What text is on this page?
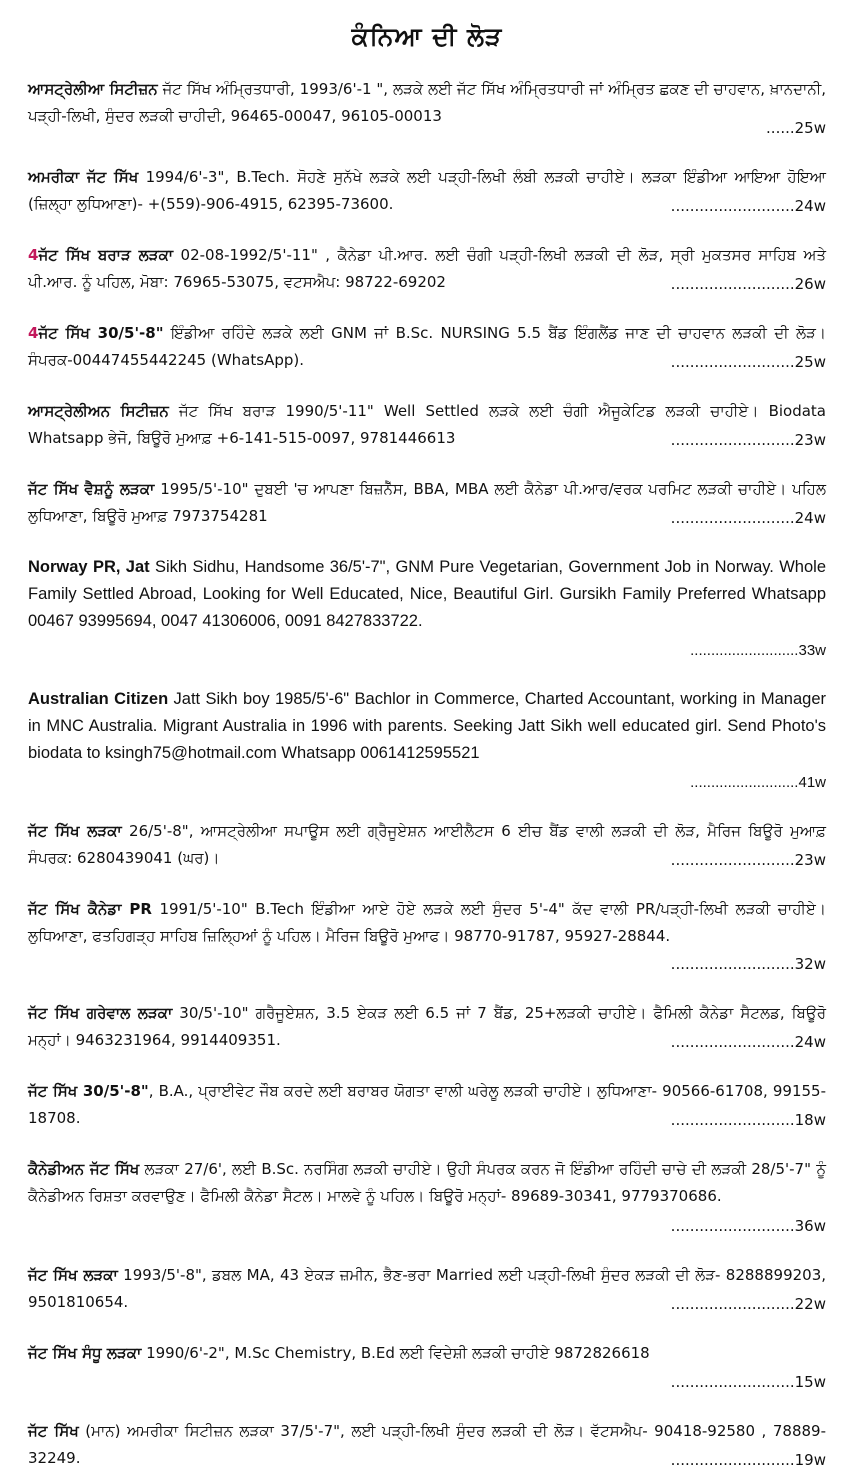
ਕੰਨਿਆ ਦੀ ਲੋੜ
ਆਸਟ੍ਰੇਲੀਆ ਸਿਟੀਜ਼ਨ ਜੱਟ ਸਿੱਖ ਅੰਮ੍ਰਿਤਧਾਰੀ, 1993/6'-1 ", ਲੜਕੇ ਲਈ ਜੱਟ ਸਿੱਖ ਅੰਮ੍ਰਿਤਧਾਰੀ ਜਾਂ ਅੰਮ੍ਰਿਤ ਛਕਣ ਦੀ ਚਾਹਵਾਨ, ਖ਼ਾਨਦਾਨੀ, ਪੜ੍ਹੀ-ਲਿਖੀ, ਸੁੰਦਰ ਲੜਕੀ ਚਾਹੀਦੀ, 96465-00047, 96105-00013
......25w
ਅਮਰੀਕਾ ਜੱਟ ਸਿੱਖ 1994/6'-3", B.Tech. ਸੋਹਣੇ ਸੁਨੱਖੇ ਲੜਕੇ ਲਈ ਪੜ੍ਹੀ-ਲਿਖੀ ਲੰਬੀ ਲੜਕੀ ਚਾਹੀਏ। ਲੜਕਾ ਇੰਡੀਆ ਆਇਆ ਹੋਇਆ (ਜ਼ਿਲ੍ਹਾ ਲੁਧਿਆਣਾ)- +(559)-906-4915, 62395-73600.	..........................24w
4ਜੱਟ ਸਿੱਖ ਬਰਾੜ ਲੜਕਾ 02-08-1992/5'-11" , ਕੈਨੇਡਾ ਪੀ.ਆਰ. ਲਈ ਚੰਗੀ ਪੜ੍ਹੀ-ਲਿਖੀ ਲੜਕੀ ਦੀ ਲੋੜ, ਸ੍ਰੀ ਮੁਕਤਸਰ ਸਾਹਿਬ ਅਤੇ ਪੀ.ਆਰ. ਨੂੰ ਪਹਿਲ, ਮੋਬਾ: 76965-53075, ਵਟਸਐਪ: 98722-69202	..........................26w
4ਜੱਟ ਸਿੱਖ 30/5'-8" ਇੰਡੀਆ ਰਹਿੰਦੇ ਲੜਕੇ ਲਈ GNM ਜਾਂ B.Sc. NURSING 5.5 ਬੈਂਡ ਇੰਗਲੈਂਡ ਜਾਣ ਦੀ ਚਾਹਵਾਨ ਲੜਕੀ ਦੀ ਲੋੜ। ਸੰਪਰਕ-00447455442245 (WhatsApp).	..........................25w
ਆਸਟ੍ਰੇਲੀਅਨ ਸਿਟੀਜ਼ਨ ਜੱਟ ਸਿੱਖ ਬਰਾੜ 1990/5'-11" Well Settled ਲੜਕੇ ਲਈ ਚੰਗੀ ਐਜੂਕੇਟਿਡ ਲੜਕੀ ਚਾਹੀਏ। Biodata Whatsapp ਭੇਜੋ, ਬਿਊਰੋ ਮੁਆਫ਼ +6-141-515-0097, 9781446613	..........................23w
ਜੱਟ ਸਿੱਖ ਵੈਸ਼ਨੂੰ ਲੜਕਾ 1995/5'-10" ਦੁਬਈ 'ਚ ਆਪਣਾ ਬਿਜ਼ਨੈੱਸ, BBA, MBA ਲਈ ਕੈਨੇਡਾ ਪੀ.ਆਰ/ਵਰਕ ਪਰਮਿਟ ਲੜਕੀ ਚਾਹੀਏ। ਪਹਿਲ ਲੁਧਿਆਣਾ, ਬਿਊਰੋ ਮੁਆਫ਼ 7973754281	..........................24w
Norway PR, Jat Sikh Sidhu, Handsome 36/5'-7", GNM Pure Vegetarian, Government Job in Norway. Whole Family Settled Abroad, Looking for Well Educated, Nice, Beautiful Girl. Gursikh Family Preferred Whatsapp 00467 93995694, 0047 41306006, 0091 8427833722.
..........................33w
Australian Citizen Jatt Sikh boy 1985/5'-6" Bachlor in Commerce, Charted Accountant, working in Manager in MNC Australia. Migrant Australia in 1996 with parents. Seeking Jatt Sikh well educated girl. Send Photo's biodata to ksingh75@hotmail.com Whatsapp 0061412595521
..........................41w
ਜੱਟ ਸਿੱਖ ਲੜਕਾ 26/5'-8", ਆਸਟ੍ਰੇਲੀਆ ਸਪਾਊਸ ਲਈ ਗ੍ਰੈਜੂਏਸ਼ਨ ਆਈਲੈਟਸ 6 ਈਚ ਬੈਂਡ ਵਾਲੀ ਲੜਕੀ ਦੀ ਲੋੜ, ਮੈਰਿਜ ਬਿਊਰੋ ਮੁਆਫ਼ ਸੰਪਰਕ: 6280439041 (ਘਰ)।	..........................23w
ਜੱਟ ਸਿੱਖ ਕੈਨੇਡਾ PR 1991/5'-10" B.Tech ਇੰਡੀਆ ਆਏ ਹੋਏ ਲੜਕੇ ਲਈ ਸੁੰਦਰ 5'-4" ਕੱਦ ਵਾਲੀ PR/ਪੜ੍ਹੀ-ਲਿਖੀ ਲੜਕੀ ਚਾਹੀਏ। ਲੁਧਿਆਣਾ, ਫਤਹਿਗੜ੍ਹ ਸਾਹਿਬ ਜ਼ਿਲ੍ਹਿਆਂ ਨੂੰ ਪਹਿਲ। ਮੈਰਿਜ ਬਿਊਰੋ ਮੁਆਫ। 98770-91787, 95927-28844.
..........................32w
ਜੱਟ ਸਿੱਖ ਗਰੇਵਾਲ ਲੜਕਾ 30/5'-10" ਗਰੈਜੂਏਸ਼ਨ, 3.5 ਏਕੜ ਲਈ 6.5 ਜਾਂ 7 ਬੈਂਡ, 25+ਲੜਕੀ ਚਾਹੀਏ। ਫੈਮਿਲੀ ਕੈਨੇਡਾ ਸੈਟਲਡ, ਬਿਊਰੋ ਮਨ੍ਹਾਂ। 9463231964, 9914409351.	..........................24w
ਜੱਟ ਸਿੱਖ 30/5'-8", B.A., ਪ੍ਰਾਈਵੇਟ ਜੌਬ ਕਰਦੇ ਲਈ ਬਰਾਬਰ ਯੋਗਤਾ ਵਾਲੀ ਘਰੇਲੂ ਲੜਕੀ ਚਾਹੀਏ। ਲੁਧਿਆਣਾ- 90566-61708, 99155-18708.	..........................18w
ਕੈਨੇਡੀਅਨ ਜੱਟ ਸਿੱਖ ਲੜਕਾ 27/6', ਲਈ B.Sc. ਨਰਸਿੰਗ ਲੜਕੀ ਚਾਹੀਏ। ਉਹੀ ਸੰਪਰਕ ਕਰਨ ਜੋ ਇੰਡੀਆ ਰਹਿੰਦੀ ਚਾਚੇ ਦੀ ਲੜਕੀ 28/5'-7" ਨੂੰ ਕੈਨੇਡੀਅਨ ਰਿਸ਼ਤਾ ਕਰਵਾਉਣ। ਫੈਮਿਲੀ ਕੈਨੇਡਾ ਸੈਟਲ। ਮਾਲਵੇ ਨੂੰ ਪਹਿਲ। ਬਿਊਰੋ ਮਨ੍ਹਾਂ- 89689-30341, 9779370686.
..........................36w
ਜੱਟ ਸਿੱਖ ਲੜਕਾ 1993/5'-8", ਡਬਲ MA, 43 ਏਕੜ ਜ਼ਮੀਨ, ਭੈਣ-ਭਰਾ Married ਲਈ ਪੜ੍ਹੀ-ਲਿਖੀ ਸੁੰਦਰ ਲੜਕੀ ਦੀ ਲੋੜ- 8288899203, 9501810654.	..........................22w
ਜੱਟ ਸਿੱਖ ਸੰਧੂ ਲੜਕਾ 1990/6'-2", M.Sc Chemistry, B.Ed ਲਈ ਵਿਦੇਸ਼ੀ ਲੜਕੀ ਚਾਹੀਏ 9872826618
..........................15w
ਜੱਟ ਸਿੱਖ (ਮਾਨ) ਅਮਰੀਕਾ ਸਿਟੀਜ਼ਨ ਲੜਕਾ 37/5'-7", ਲਈ ਪੜ੍ਹੀ-ਲਿਖੀ ਸੁੰਦਰ ਲੜਕੀ ਦੀ ਲੋੜ। ਵੱਟਸਐਪ- 90418-92580 , 78889-32249.	..........................19w
